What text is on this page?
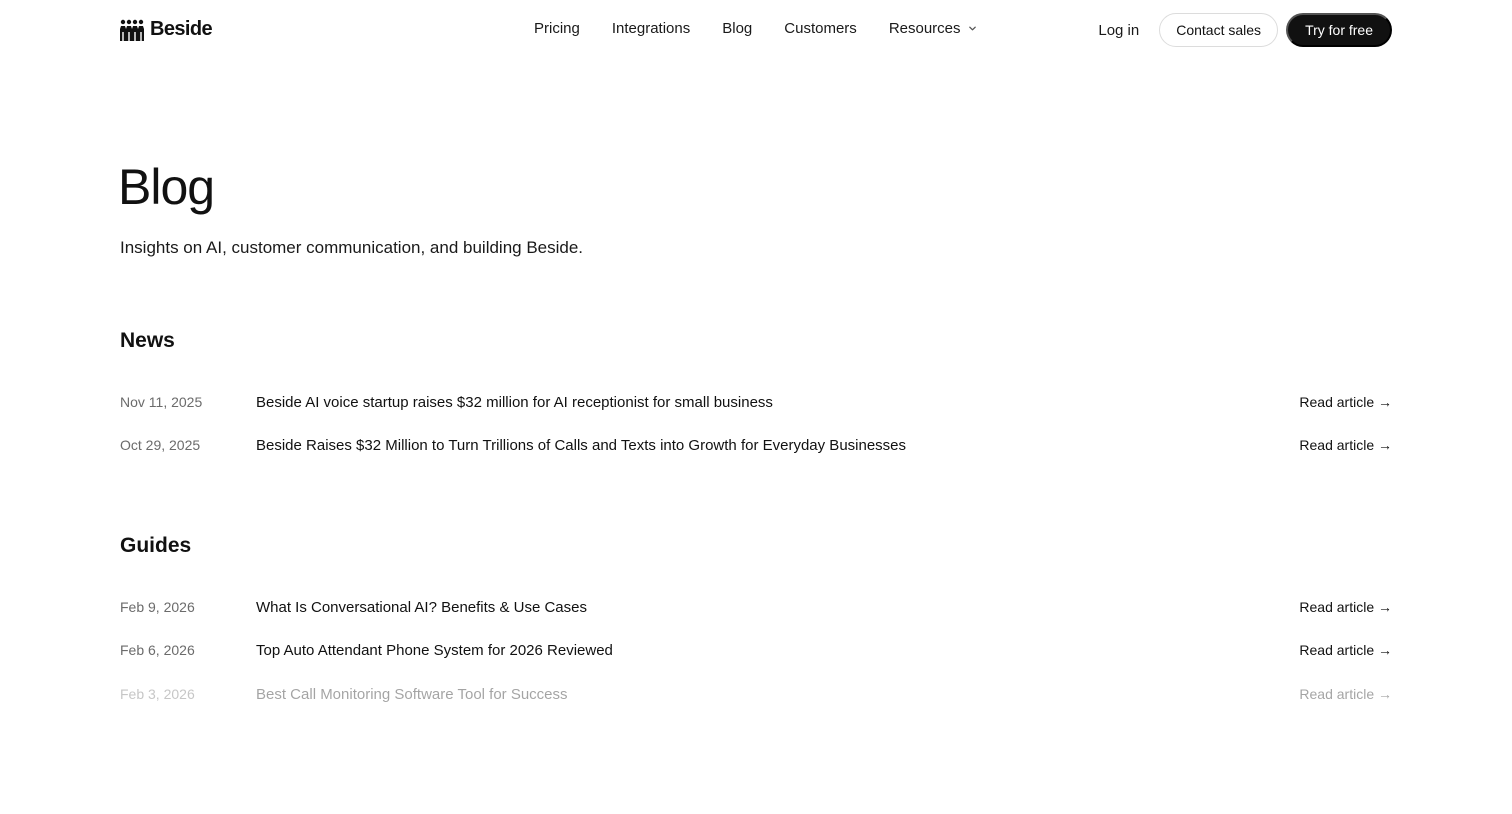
Beside	Pricing Integrations Blog Customers Resources	Log in	Contact sales	Try for free
Blog

Insights on AI, customer communication, and building Beside.

News
Nov 11, 2025	Beside AI voice startup raises $32 million for AI receptionist for small business	Read article →
Oct 29, 2025	Beside Raises $32 Million to Turn Trillions of Calls and Texts into Growth for Everyday Businesses	Read article →
Guides
Feb 9, 2026	What Is Conversational AI? Benefits & Use Cases	Read article →
Feb 6, 2026	Top Auto Attendant Phone System for 2026 Reviewed	Read article →
Feb 3, 2026	Best Call Monitoring Software Tool for Success	Read article →
